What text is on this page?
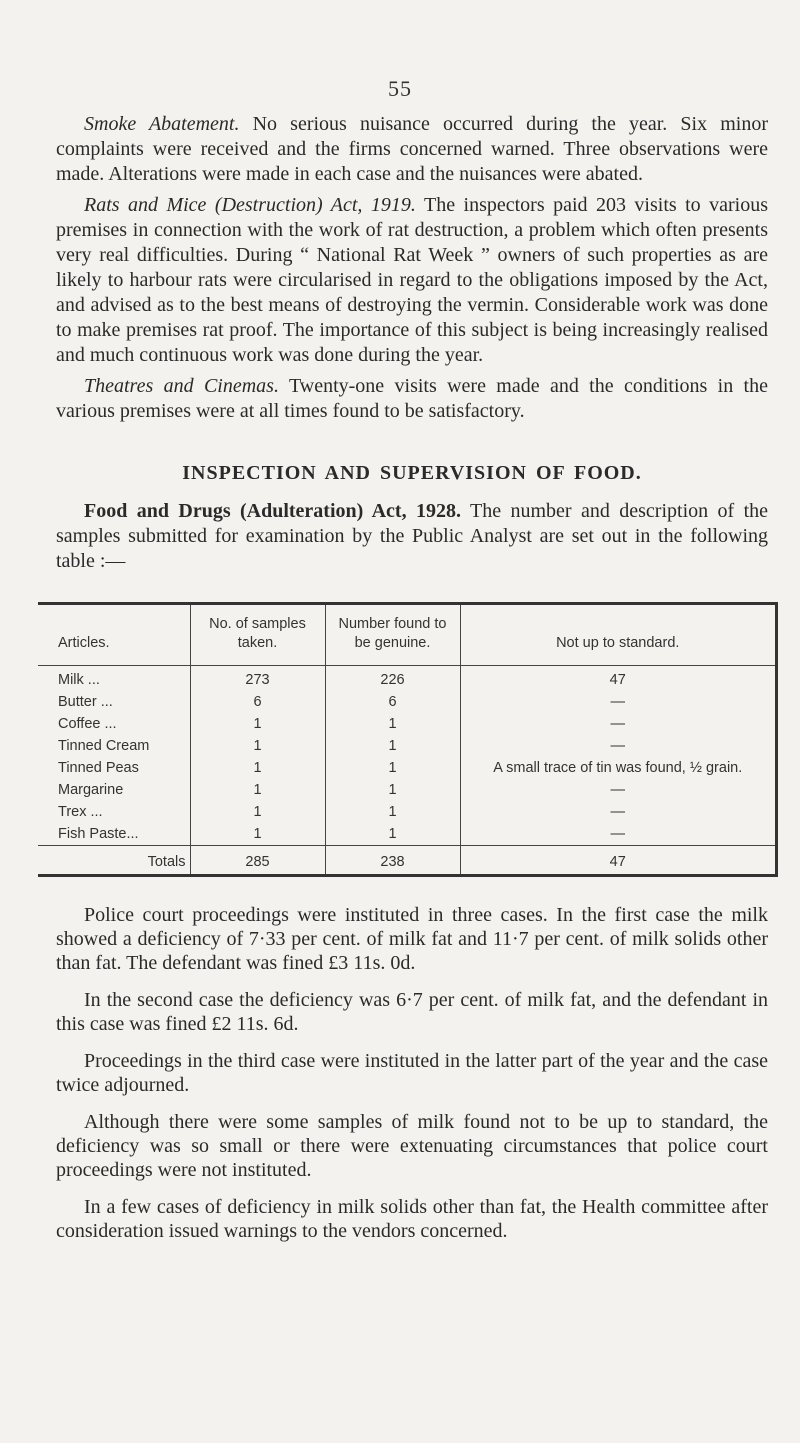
55

Smoke Abatement. No serious nuisance occurred during the year. Six minor complaints were received and the firms concerned warned. Three observations were made. Alterations were made in each case and the nuisances were abated.

Rats and Mice (Destruction) Act, 1919. The inspectors paid 203 visits to various premises in connection with the work of rat destruction, a problem which often presents very real difficulties. During “ National Rat Week ” owners of such properties as are likely to harbour rats were circularised in regard to the obligations imposed by the Act, and advised as to the best means of destroying the vermin. Considerable work was done to make premises rat proof. The importance of this subject is being increasingly realised and much continuous work was done during the year.

Theatres and Cinemas. Twenty-one visits were made and the conditions in the various premises were at all times found to be satisfactory.

INSPECTION AND SUPERVISION OF FOOD.

Food and Drugs (Adulteration) Act, 1928. The number and description of the samples submitted for examination by the Public Analyst are set out in the following table :—

Articles.	No. of samples taken.	Number found to be genuine.	Not up to standard.
Milk ...	273	226	47
Butter ...	6	6	—
Coffee ...	1	1	—
Tinned Cream	1	1	—
Tinned Peas	1	1	A small trace of tin was found, ½ grain.
Margarine	1	1	—
Trex ...	1	1	—
Fish Paste...	1	1	—
Totals	285	238	47

Police court proceedings were instituted in three cases. In the first case the milk showed a deficiency of 7·33 per cent. of milk fat and 11·7 per cent. of milk solids other than fat. The defendant was fined £3 11s. 0d.

In the second case the deficiency was 6·7 per cent. of milk fat, and the defendant in this case was fined £2 11s. 6d.

Proceedings in the third case were instituted in the latter part of the year and the case twice adjourned.

Although there were some samples of milk found not to be up to standard, the deficiency was so small or there were extenuating circumstances that police court proceedings were not instituted.

In a few cases of deficiency in milk solids other than fat, the Health committee after consideration issued warnings to the vendors concerned.
